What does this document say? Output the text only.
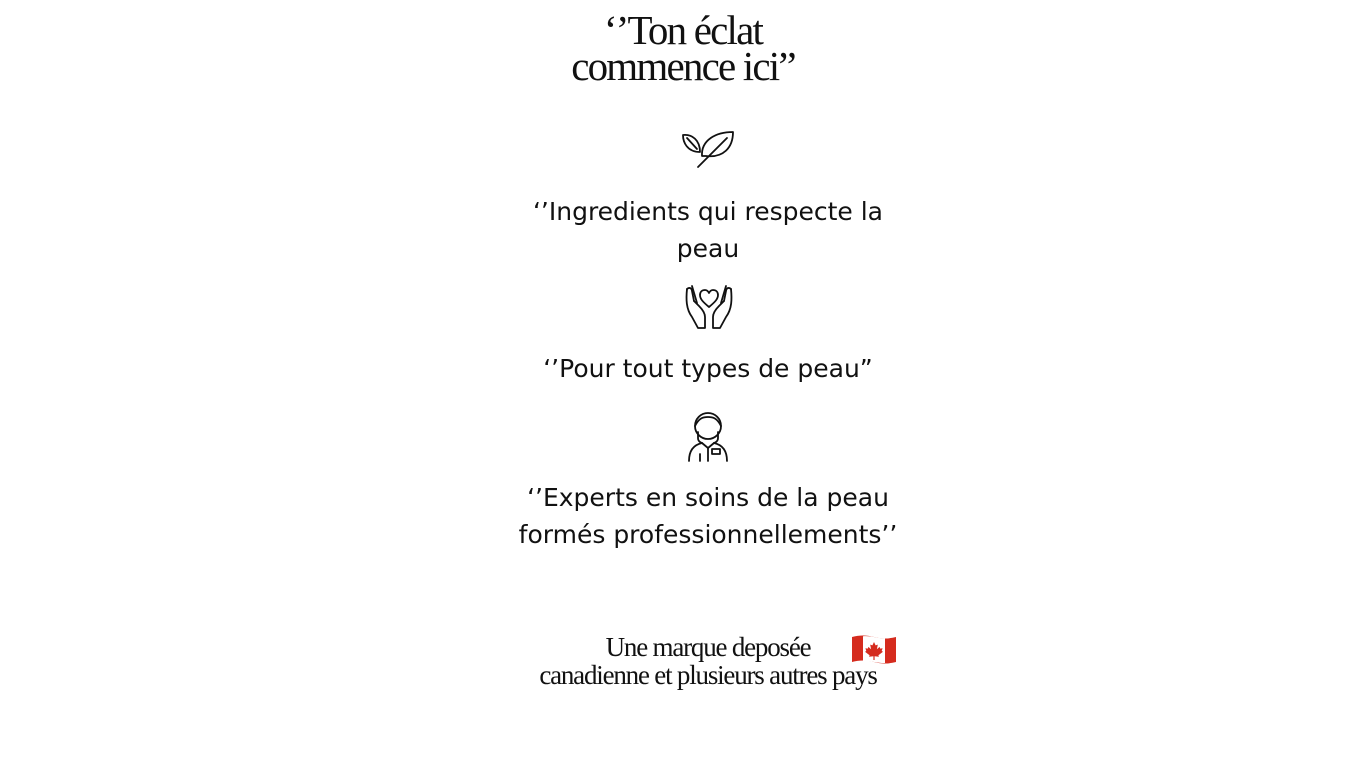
‘’Ton éclat
commence ici”

‘’Ingredients qui respecte la peau

‘’Pour tout types de peau”

‘’Experts en soins de la peau formés professionnellements’’

Une marque deposée
canadienne et plusieurs autres pays
